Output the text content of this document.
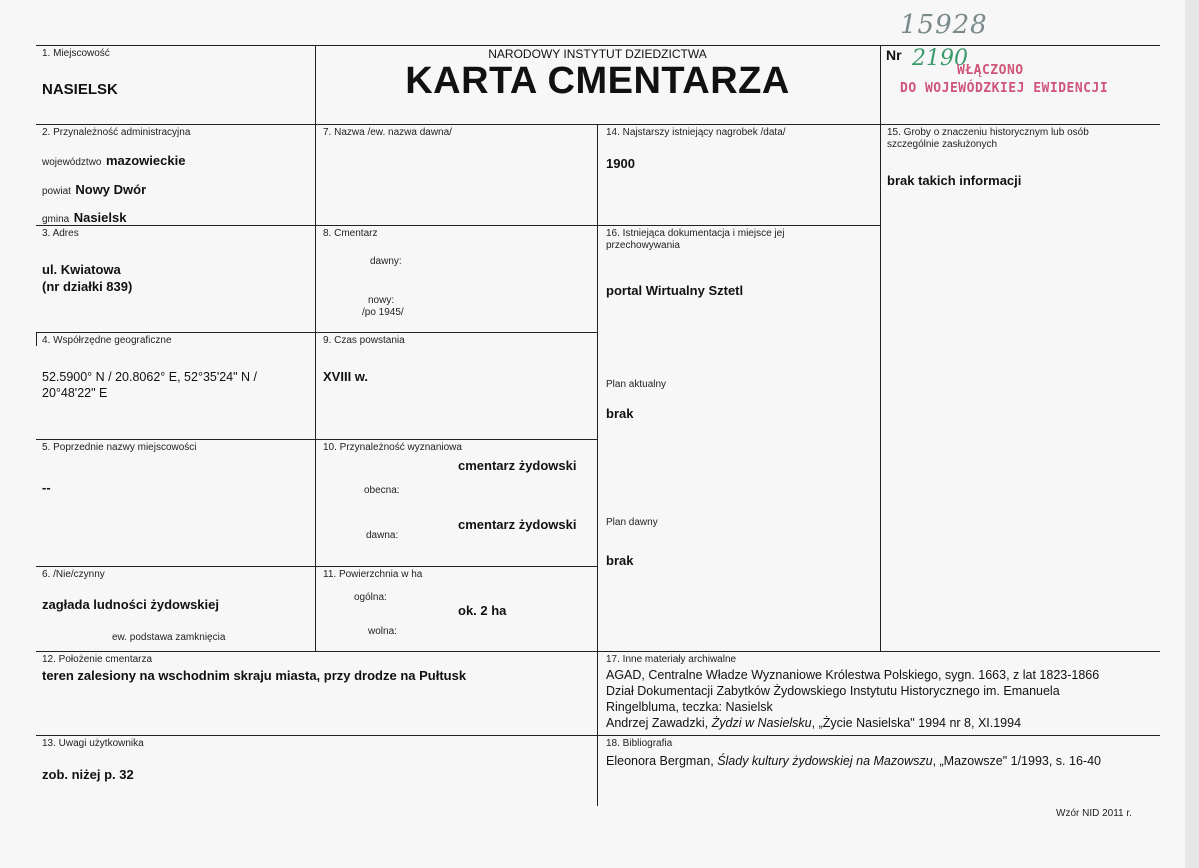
15928
2190
WŁĄCZONO
DO WOJEWÓDZKIEJ EWIDENCJI
1. Miejscowość
NASIELSK
NARODOWY INSTYTUT DZIEDZICTWA
KARTA CMENTARZA
Nr
2. Przynależność administracyjna
województwo mazowieckie
powiat Nowy Dwór
gmina Nasielsk
3. Adres
ul. Kwiatowa
(nr działki 839)
4. Współrzędne geograficzne
52.5900° N / 20.8062° E, 52°35'24" N /
20°48'22" E
5. Poprzednie nazwy miejscowości
--
6. /Nie/czynny
zagłada ludności żydowskiej
ew. podstawa zamknięcia
7. Nazwa /ew. nazwa dawna/
8. Cmentarz
dawny:
nowy:
/po 1945/
9. Czas powstania
XVIII w.
10. Przynależność wyznaniowa
cmentarz żydowski
obecna:
cmentarz żydowski
dawna:
11. Powierzchnia w ha
ogólna:
ok. 2 ha
wolna:
14. Najstarszy istniejący nagrobek /data/
1900
15. Groby o znaczeniu historycznym lub osób
szczególnie zasłużonych
brak takich informacji
16. Istniejąca dokumentacja i miejsce jej
przechowywania
portal Wirtualny Sztetl
Plan aktualny
brak
Plan dawny
brak
12. Położenie cmentarza
teren zalesiony na wschodnim skraju miasta, przy drodze na Pułtusk
17. Inne materiały archiwalne
AGAD, Centralne Władze Wyznaniowe Królestwa Polskiego, sygn. 1663, z lat 1823-1866
Dział Dokumentacji Zabytków Żydowskiego Instytutu Historycznego im. Emanuela
Ringelbluma, teczka: Nasielsk
Andrzej Zawadzki, Żydzi w Nasielsku, „Życie Nasielska" 1994 nr 8, XI.1994
13. Uwagi użytkownika
zob. niżej p. 32
18. Bibliografia
Eleonora Bergman, Ślady kultury żydowskiej na Mazowszu, „Mazowsze" 1/1993, s. 16-40
Wzór NID 2011 r.
